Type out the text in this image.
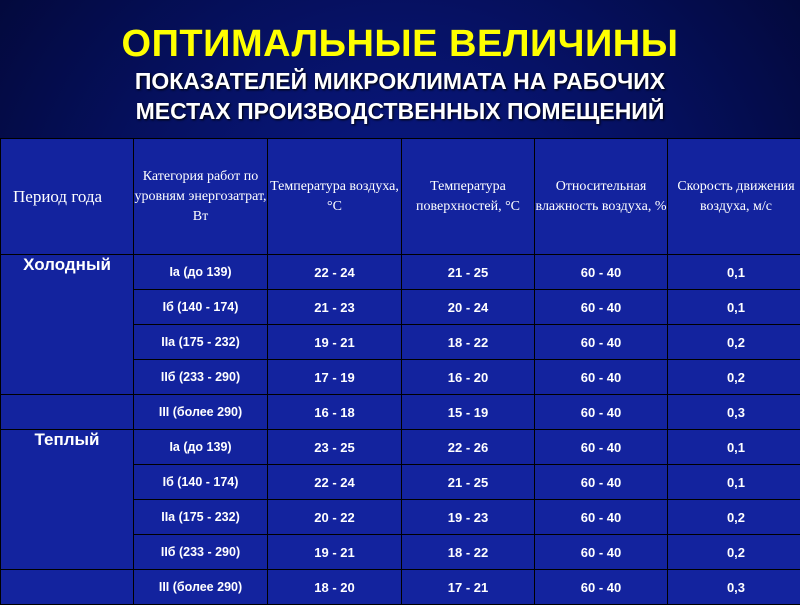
ОПТИМАЛЬНЫЕ ВЕЛИЧИНЫ
ПОКАЗАТЕЛЕЙ МИКРОКЛИМАТА НА РАБОЧИХ
МЕСТАХ ПРОИЗВОДСТВЕННЫХ ПОМЕЩЕНИЙ
Период года	Категория работ по уровням энергозатрат, Вт	Температура воздуха, °С	Температура поверхностей, °С	Относительная влажность воздуха, %	Скорость движения воздуха, м/с
Холодный	Iа (до 139)	22 - 24	21 - 25	60 - 40	0,1
	Iб (140 - 174)	21 - 23	20 - 24	60 - 40	0,1
	IIа (175 - 232)	19 - 21	18 - 22	60 - 40	0,2
	IIб (233 - 290)	17 - 19	16 - 20	60 - 40	0,2
	III (более 290)	16 - 18	15 - 19	60 - 40	0,3
Теплый	Iа (до 139)	23 - 25	22 - 26	60 - 40	0,1
	Iб (140 - 174)	22 - 24	21 - 25	60 - 40	0,1
	IIа (175 - 232)	20 - 22	19 - 23	60 - 40	0,2
	IIб (233 - 290)	19 - 21	18 - 22	60 - 40	0,2
	III (более 290)	18 - 20	17 - 21	60 - 40	0,3
